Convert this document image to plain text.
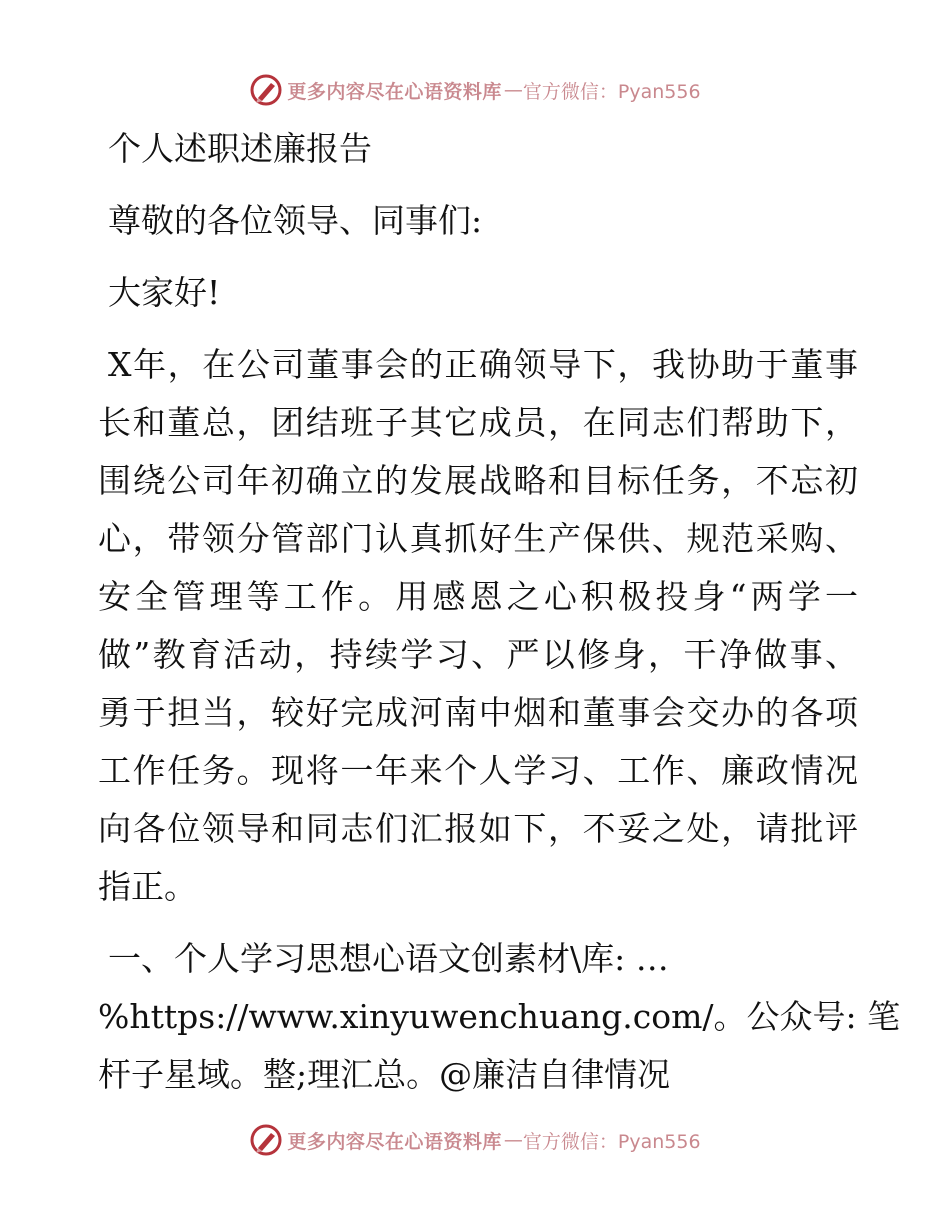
更多内容尽在心语资料库 — 官方微信：Pyan556
个人述职述廉报告
尊敬的各位领导、同事们:
大家好!
X年，在公司董事会的正确领导下，我协助于董事
长和董总，团结班子其它成员，在同志们帮助下，
围绕公司年初确立的发展战略和目标任务，不忘初
心，带领分管部门认真抓好生产保供、规范采购、
安全管理等工作。用感恩之心积极投身“两学一
做”教育活动，持续学习、严以修身，干净做事、
勇于担当，较好完成河南中烟和董事会交办的各项
工作任务。现将一年来个人学习、工作、廉政情况
向各位领导和同志们汇报如下，不妥之处，请批评
指正。
一、个人学习思想心语文创素材\库: …
%https://www.xinyuwenchuang.com/。公众号: 笔
杆子星域。整;理汇总。@廉洁自律情况
更多内容尽在心语资料库 — 官方微信：Pyan556
